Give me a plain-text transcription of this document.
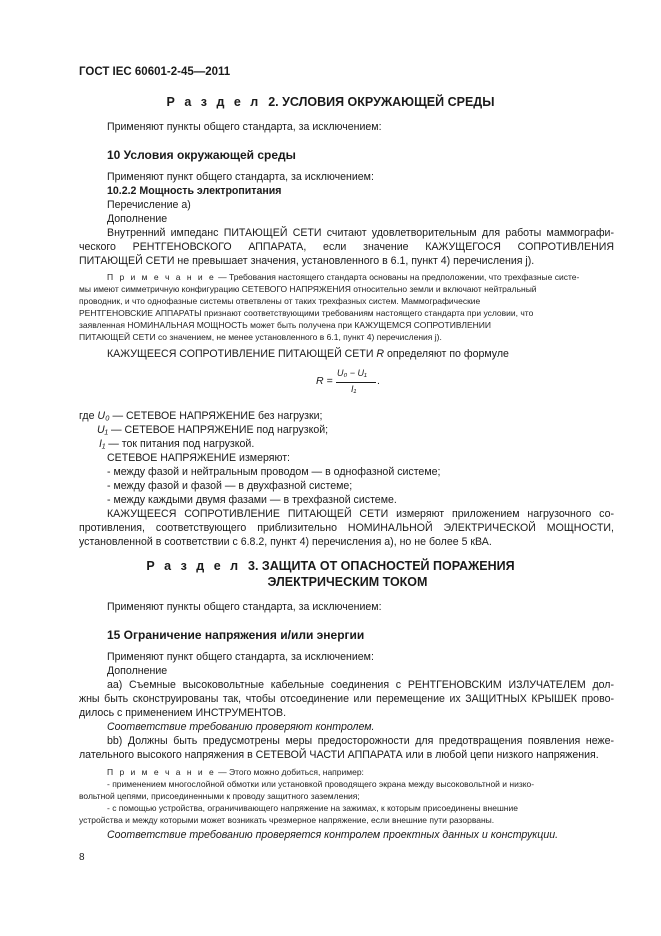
ГОСТ IEC 60601-2-45—2011
Р а з д е л 2. УСЛОВИЯ ОКРУЖАЮЩЕЙ СРЕДЫ
Применяют пункты общего стандарта, за исключением:
10 Условия окружающей среды
Применяют пункт общего стандарта, за исключением:
10.2.2 Мощность электропитания
Перечисление а)
Дополнение
Внутренний импеданс ПИТАЮЩЕЙ СЕТИ считают удовлетворительным для работы маммографи-
ческого РЕНТГЕНОВСКОГО АППАРАТА, если значение КАЖУЩЕГОСЯ СОПРОТИВЛЕНИЯ
ПИТАЮЩЕЙ СЕТИ не превышает значения, установленного в 6.1, пункт 4) перечисления j).
П р и м е ч а н и е — Требования настоящего стандарта основаны на предположении, что трехфазные систе-
мы имеют симметричную конфигурацию СЕТЕВОГО НАПРЯЖЕНИЯ относительно земли и включают нейтральный
проводник, и что однофазные системы ответвлены от таких трехфазных систем. Маммографические
РЕНТГЕНОВСКИЕ АППАРАТЫ признают соответствующими требованиям настоящего стандарта при условии, что
заявленная НОМИНАЛЬНАЯ МОЩНОСТЬ может быть получена при КАЖУЩЕМСЯ СОПРОТИВЛЕНИИ
ПИТАЮЩЕЙ СЕТИ со значением, не менее установленного в 6.1, пункт 4) перечисления j).
КАЖУЩЕЕСЯ СОПРОТИВЛЕНИЕ ПИТАЮЩЕЙ СЕТИ R определяют по формуле
R =
U₀ − U₁
I₁
.
где U₀ — СЕТЕВОЕ НАПРЯЖЕНИЕ без нагрузки;
U₁ — СЕТЕВОЕ НАПРЯЖЕНИЕ под нагрузкой;
I₁ — ток питания под нагрузкой.
СЕТЕВОЕ НАПРЯЖЕНИЕ измеряют:
- между фазой и нейтральным проводом — в однофазной системе;
- между фазой и фазой — в двухфазной системе;
- между каждыми двумя фазами — в трехфазной системе.
КАЖУЩЕЕСЯ СОПРОТИВЛЕНИЕ ПИТАЮЩЕЙ СЕТИ измеряют приложением нагрузочного со-
противления, соответствующего приблизительно НОМИНАЛЬНОЙ ЭЛЕКТРИЧЕСКОЙ МОЩНОСТИ,
установленной в соответствии с 6.8.2, пункт 4) перечисления а), но не более 5 кВА.
Р а з д е л 3. ЗАЩИТА ОТ ОПАСНОСТЕЙ ПОРАЖЕНИЯ
ЭЛЕКТРИЧЕСКИМ ТОКОМ
Применяют пункты общего стандарта, за исключением:
15 Ограничение напряжения и/или энергии
Применяют пункт общего стандарта, за исключением:
Дополнение
аа) Съемные высоковольтные кабельные соединения с РЕНТГЕНОВСКИМ ИЗЛУЧАТЕЛЕМ дол-
жны быть сконструированы так, чтобы отсоединение или перемещение их ЗАЩИТНЫХ КРЫШЕК прово-
дилось с применением ИНСТРУМЕНТОВ.
Соответствие требованию проверяют контролем.
bb) Должны быть предусмотрены меры предосторожности для предотвращения появления неже-
лательного высокого напряжения в СЕТЕВОЙ ЧАСТИ АППАРАТА или в любой цепи низкого напряжения.
П р и м е ч а н и е — Этого можно добиться, например:
- применением многослойной обмотки или установкой проводящего экрана между высоковольтной и низко-
вольтной цепями, присоединенными к проводу защитного заземления;
- с помощью устройства, ограничивающего напряжение на зажимах, к которым присоединены внешние
устройства и между которыми может возникать чрезмерное напряжение, если внешние пути разорваны.
Соответствие требованию проверяется контролем проектных данных и конструкции.
8
